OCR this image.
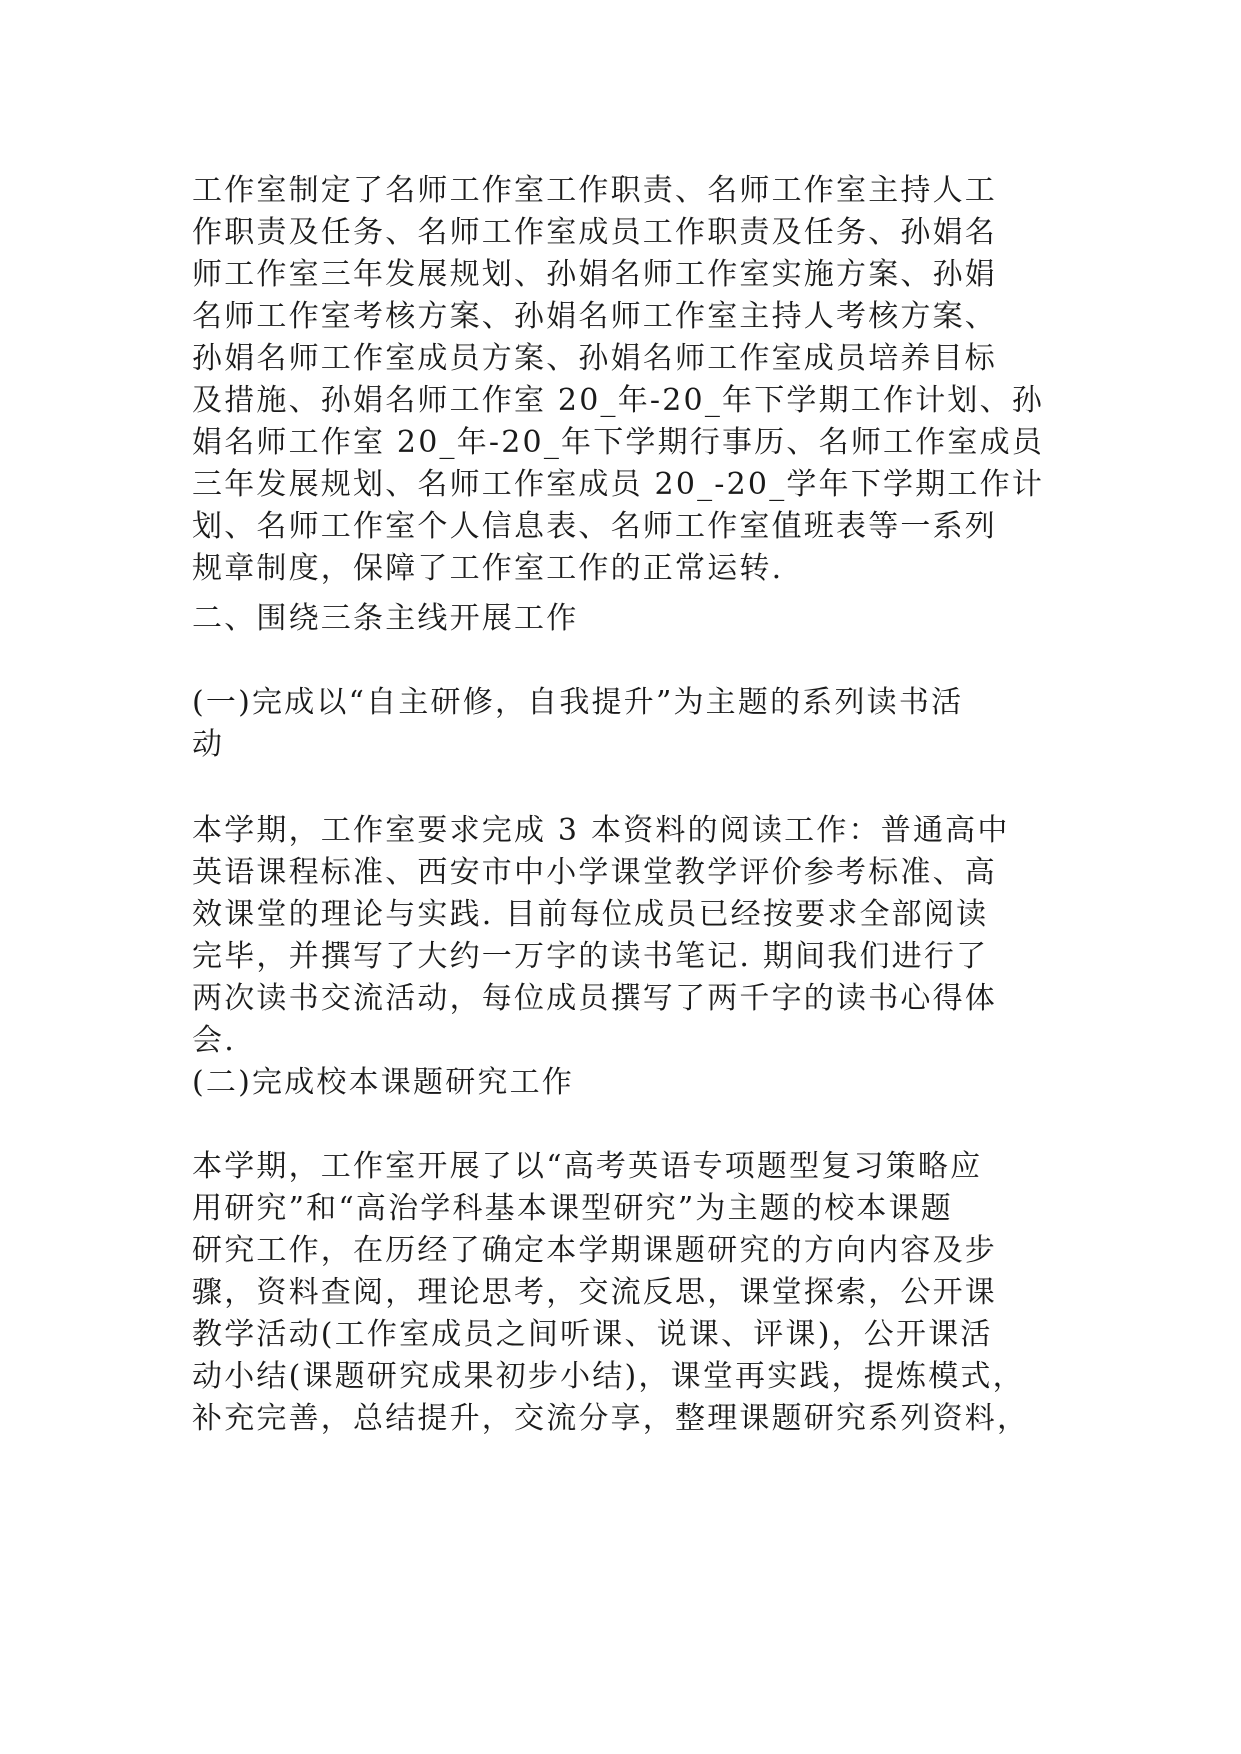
工作室制定了名师工作室工作职责、名师工作室主持人工
作职责及任务、名师工作室成员工作职责及任务、孙娟名
师工作室三年发展规划、孙娟名师工作室实施方案、孙娟
名师工作室考核方案、孙娟名师工作室主持人考核方案、
孙娟名师工作室成员方案、孙娟名师工作室成员培养目标
及措施、孙娟名师工作室 20_年-20_年下学期工作计划、孙
娟名师工作室 20_年-20_年下学期行事历、名师工作室成员
三年发展规划、名师工作室成员 20_-20_学年下学期工作计
划、名师工作室个人信息表、名师工作室值班表等一系列
规章制度，保障了工作室工作的正常运转.
二、围绕三条主线开展工作
(一)完成以“自主研修，自我提升”为主题的系列读书活
动
本学期，工作室要求完成 3 本资料的阅读工作：普通高中
英语课程标准、西安市中小学课堂教学评价参考标准、高
效课堂的理论与实践. 目前每位成员已经按要求全部阅读
完毕，并撰写了大约一万字的读书笔记. 期间我们进行了
两次读书交流活动，每位成员撰写了两千字的读书心得体
会.
(二)完成校本课题研究工作
本学期，工作室开展了以“高考英语专项题型复习策略应
用研究”和“高治学科基本课型研究”为主题的校本课题
研究工作，在历经了确定本学期课题研究的方向内容及步
骤，资料查阅，理论思考，交流反思，课堂探索，公开课
教学活动(工作室成员之间听课、说课、评课)，公开课活
动小结(课题研究成果初步小结)，课堂再实践，提炼模式，
补充完善，总结提升，交流分享，整理课题研究系列资料，
